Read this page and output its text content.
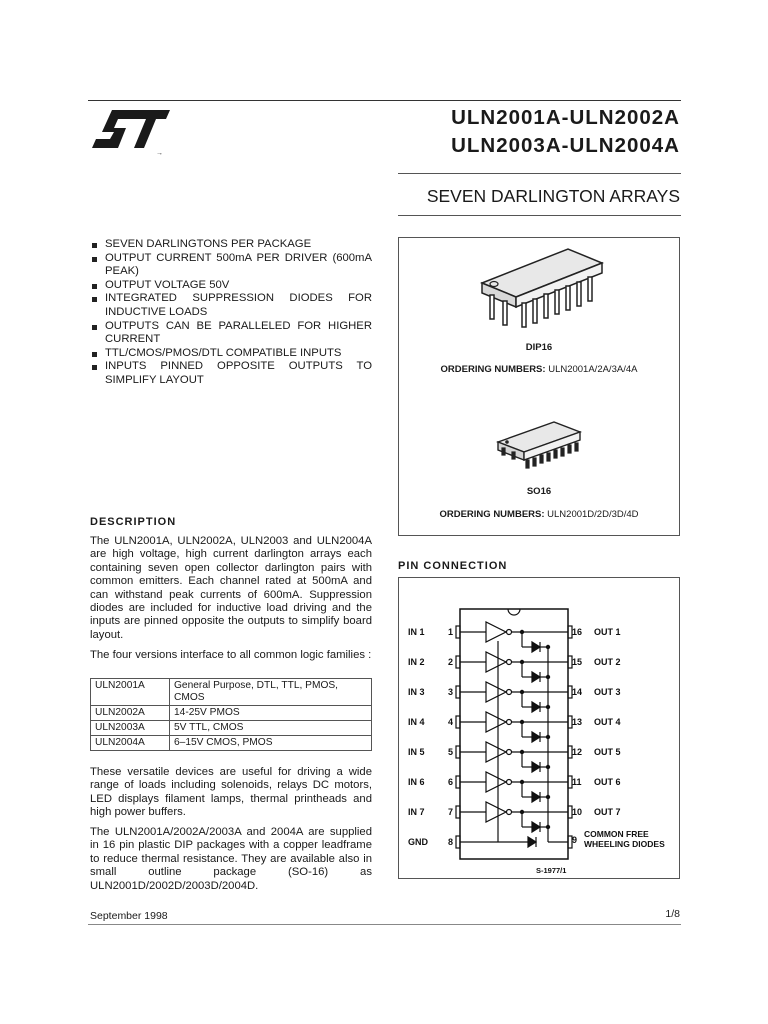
→
ULN2001A-ULN2002A
ULN2003A-ULN2004A
SEVEN DARLINGTON ARRAYS
SEVEN DARLINGTONS PER PACKAGE
OUTPUT CURRENT 500mA PER DRIVER (600mA PEAK)
OUTPUT VOLTAGE 50V
INTEGRATED SUPPRESSION DIODES FOR INDUCTIVE LOADS
OUTPUTS CAN BE PARALLELED FOR HIGHER CURRENT
TTL/CMOS/PMOS/DTL COMPATIBLE INPUTS
INPUTS PINNED OPPOSITE OUTPUTS TO SIMPLIFY LAYOUT
DIP16
ORDERING NUMBERS: ULN2001A/2A/3A/4A
SO16
ORDERING NUMBERS: ULN2001D/2D/3D/4D
DESCRIPTION

The ULN2001A, ULN2002A, ULN2003 and ULN2004A are high voltage, high current darlington arrays each containing seven open collector darlington pairs with common emitters. Each channel rated at 500mA and can withstand peak currents of 600mA. Suppression diodes are included for inductive load driving and the inputs are pinned opposite the outputs to simplify board layout.

The four versions interface to all common logic families :

ULN2001A	General Purpose, DTL, TTL, PMOS, CMOS
ULN2002A	14-25V PMOS
ULN2003A	5V TTL, CMOS
ULN2004A	6–15V CMOS, PMOS

These versatile devices are useful for driving a wide range of loads including solenoids, relays DC motors, LED displays filament lamps, thermal printheads and high power buffers.

The ULN2001A/2002A/2003A and 2004A are supplied in 16 pin plastic DIP packages with a copper leadframe to reduce thermal resistance. They are available also in small outline package (SO-16) as ULN2001D/2002D/2003D/2004D.

PIN CONNECTION
IN 1	1
IN 2	2
IN 3	3
IN 4	4
IN 5	5
IN 6	6
IN 7	7
GND 8
16 OUT 1
15 OUT 2
14 OUT 3
13 OUT 4
12 OUT 5
11 OUT 6
10 OUT 7
9
COMMON FREE
WHEELING DIODES
S-1977/1
September 1998	1/8
